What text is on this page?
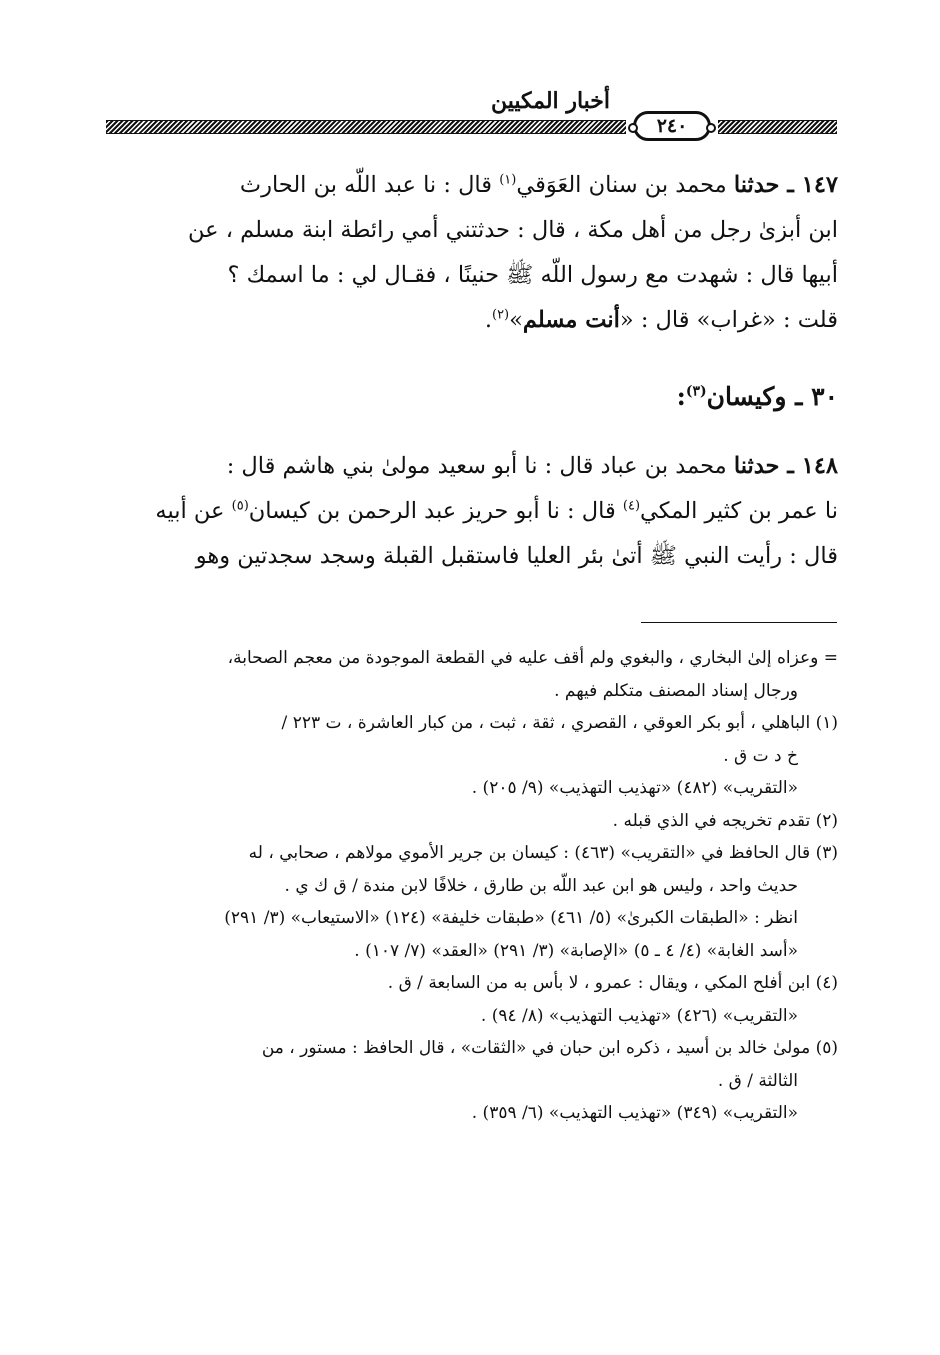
أخبار المكيين
٢٤٠
١٤٧ ـ حدثنا محمد بن سنان العَوَقي$^{(١)}$ قال : نا عبد اللّه بن الحارث
ابن أبزىٰ رجل من أهل مكة ، قال : حدثتني أمي رائطة ابنة مسلم ، عن
أبيها قال : شهدت مع رسول اللّه ﷺ حنينًا ، فقـال لي : ما اسمك ؟
قلت : «غراب» قال : «أنت مسلم»$^{(٢)}$.
٣٠ ـ وكيسان$^{(٣)}$:
١٤٨ ـ حدثنا محمد بن عباد قال : نا أبو سعيد مولىٰ بني هاشم قال :
نا عمر بن كثير المكي$^{(٤)}$ قال : نا أبو حريز عبد الرحمن بن كيسان$^{(٥)}$ عن أبيه
قال : رأيت النبي ﷺ أتىٰ بئر العليا فاستقبل القبلة وسجد سجدتين وهو
= وعزاه إلىٰ البخاري ، والبغوي ولم أقف عليه في القطعة الموجودة من معجم الصحابة،
ورجال إسناد المصنف متكلم فيهم .
(١) الباهلي ، أبو بكر العوقي ، القصري ، ثقة ، ثبت ، من كبار العاشرة ، ت ٢٢٣ /
خ د ت ق .
«التقريب» (٤٨٢) «تهذيب التهذيب» (٩/ ٢٠٥) .
(٢) تقدم تخريجه في الذي قبله .
(٣) قال الحافظ في «التقريب» (٤٦٣) : كيسان بن جرير الأموي مولاهم ، صحابي ، له
حديث واحد ، وليس هو ابن عبد اللّه بن طارق ، خلافًا لابن مندة / ق ك ي .
انظر : «الطبقات الكبرىٰ» (٥/ ٤٦١) «طبقات خليفة» (١٢٤) «الاستيعاب» (٣/ ٢٩١)
«أسد الغابة» (٤/ ٤ ـ ٥) «الإصابة» (٣/ ٢٩١) «العقد» (٧/ ١٠٧) .
(٤) ابن أفلح المكي ، ويقال : عمرو ، لا بأس به من السابعة / ق .
«التقريب» (٤٢٦) «تهذيب التهذيب» (٨/ ٩٤) .
(٥) مولىٰ خالد بن أسيد ، ذكره ابن حبان في «الثقات» ، قال الحافظ : مستور ، من
الثالثة / ق .
«التقريب» (٣٤٩) «تهذيب التهذيب» (٦/ ٣٥٩) .
